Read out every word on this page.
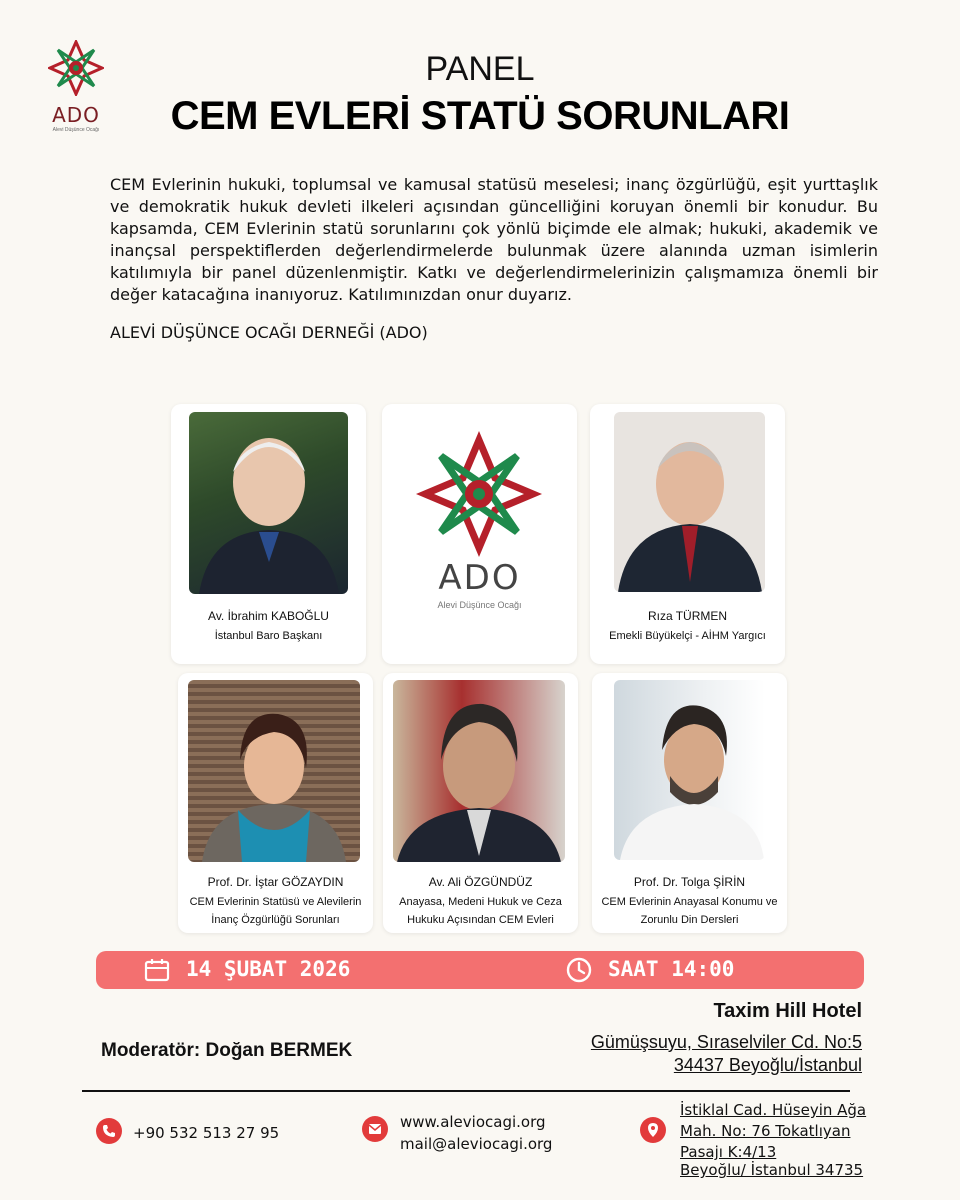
ADO
Alevi Düşünce Ocağı
PANEL
CEM EVLERİ STATÜ SORUNLARI
CEM Evlerinin hukuki, toplumsal ve kamusal statüsü meselesi; inanç özgürlüğü, eşit yurttaşlık ve demokratik hukuk devleti ilkeleri açısından güncelliğini koruyan önemli bir konudur. Bu kapsamda, CEM Evlerinin statü sorunlarını çok yönlü biçimde ele almak; hukuki, akademik ve inançsal perspektiflerden değerlendirmelerde bulunmak üzere alanında uzman isimlerin katılımıyla bir panel düzenlenmiştir. Katkı ve değerlendirmelerinizin çalışmamıza önemli bir değer katacağına inanıyoruz. Katılımınızdan onur duyarız.
ALEVİ DÜŞÜNCE OCAĞI DERNEĞİ (ADO)
Av. İbrahim KABOĞLU
İstanbul Baro Başkanı
ADO
Alevi Düşünce Ocağı
Rıza TÜRMEN
Emekli Büyükelçi - AİHM Yargıcı
Prof. Dr. İştar GÖZAYDIN
CEM Evlerinin Statüsü ve Alevilerin
İnanç Özgürlüğü Sorunları
Av. Ali ÖZGÜNDÜZ
Anayasa, Medeni Hukuk ve Ceza
Hukuku Açısından CEM Evleri
Prof. Dr. Tolga ŞİRİN
CEM Evlerinin Anayasal Konumu ve
Zorunlu Din Dersleri
14 ŞUBAT 2026	SAAT 14:00
Taxim Hill Hotel
Gümüşsuyu, Sıraselviler Cd. No:5
34437 Beyoğlu/İstanbul
Moderatör: Doğan BERMEK
+90 532 513 27 95
www.aleviocagi.org
mail@aleviocagi.org
İstiklal Cad. Hüseyin Ağa
Mah. No: 76 Tokatlıyan
Pasajı K:4/13
Beyoğlu/ İstanbul 34735
